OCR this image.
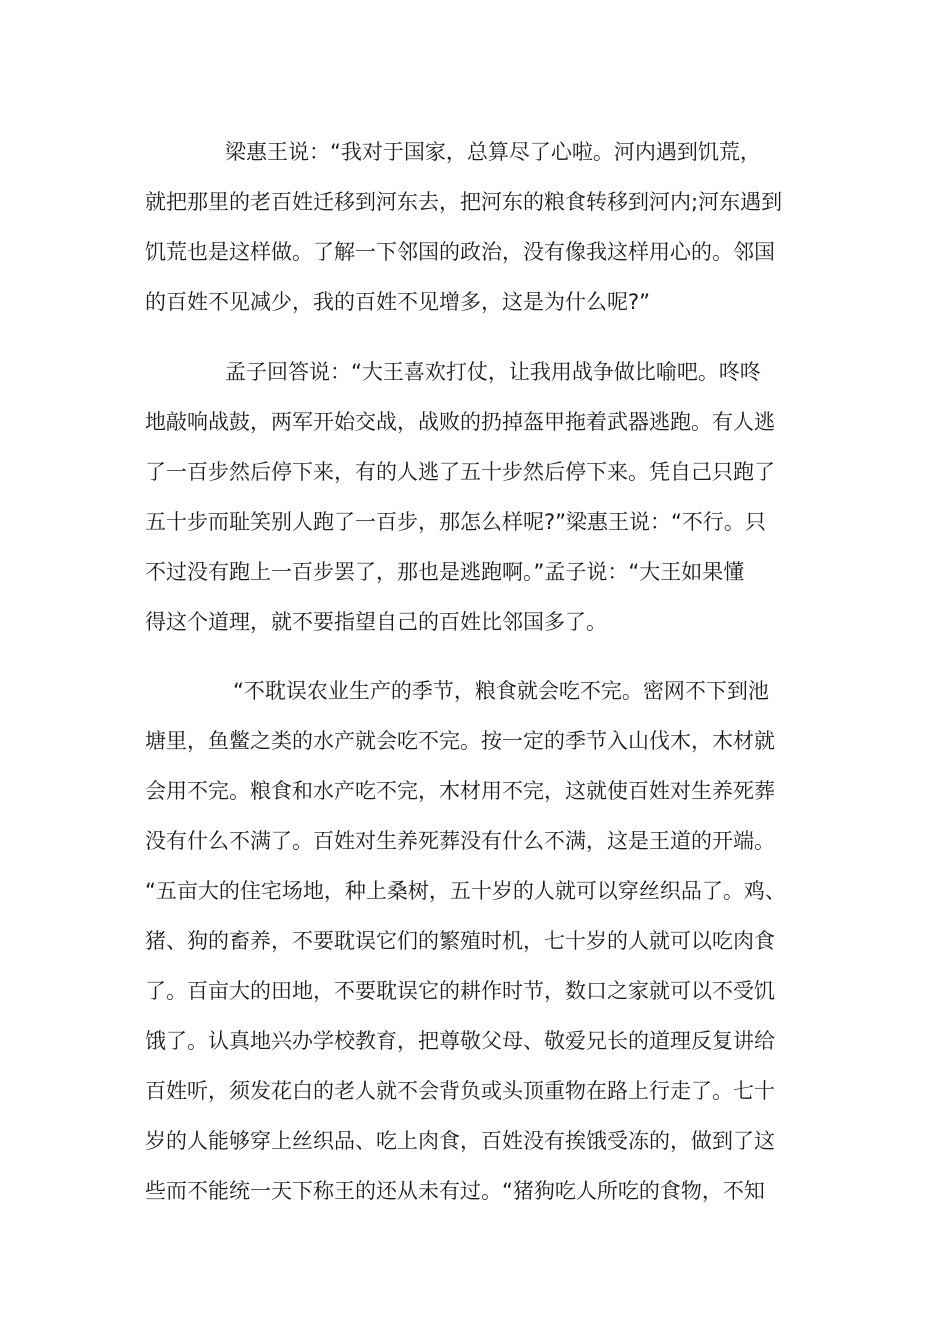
梁惠王说：“我对于国家，总算尽了心啦。河内遇到饥荒，
就把那里的老百姓迁移到河东去，把河东的粮食转移到河内;河东遇到
饥荒也是这样做。了解一下邻国的政治，没有像我这样用心的。邻国
的百姓不见减少，我的百姓不见增多，这是为什么呢?”

孟子回答说：“大王喜欢打仗，让我用战争做比喻吧。咚咚
地敲响战鼓，两军开始交战，战败的扔掉盔甲拖着武器逃跑。有人逃
了一百步然后停下来，有的人逃了五十步然后停下来。凭自己只跑了
五十步而耻笑别人跑了一百步，那怎么样呢?”梁惠王说：“不行。只
不过没有跑上一百步罢了，那也是逃跑啊。”孟子说：“大王如果懂
得这个道理，就不要指望自己的百姓比邻国多了。

“不耽误农业生产的季节，粮食就会吃不完。密网不下到池
塘里，鱼鳖之类的水产就会吃不完。按一定的季节入山伐木，木材就
会用不完。粮食和水产吃不完，木材用不完，这就使百姓对生养死葬
没有什么不满了。百姓对生养死葬没有什么不满，这是王道的开端。
“五亩大的住宅场地，种上桑树，五十岁的人就可以穿丝织品了。鸡、
猪、狗的畜养，不要耽误它们的繁殖时机，七十岁的人就可以吃肉食
了。百亩大的田地，不要耽误它的耕作时节，数口之家就可以不受饥
饿了。认真地兴办学校教育，把尊敬父母、敬爱兄长的道理反复讲给
百姓听，须发花白的老人就不会背负或头顶重物在路上行走了。七十
岁的人能够穿上丝织品、吃上肉食，百姓没有挨饿受冻的，做到了这
些而不能统一天下称王的还从未有过。“猪狗吃人所吃的食物，不知
